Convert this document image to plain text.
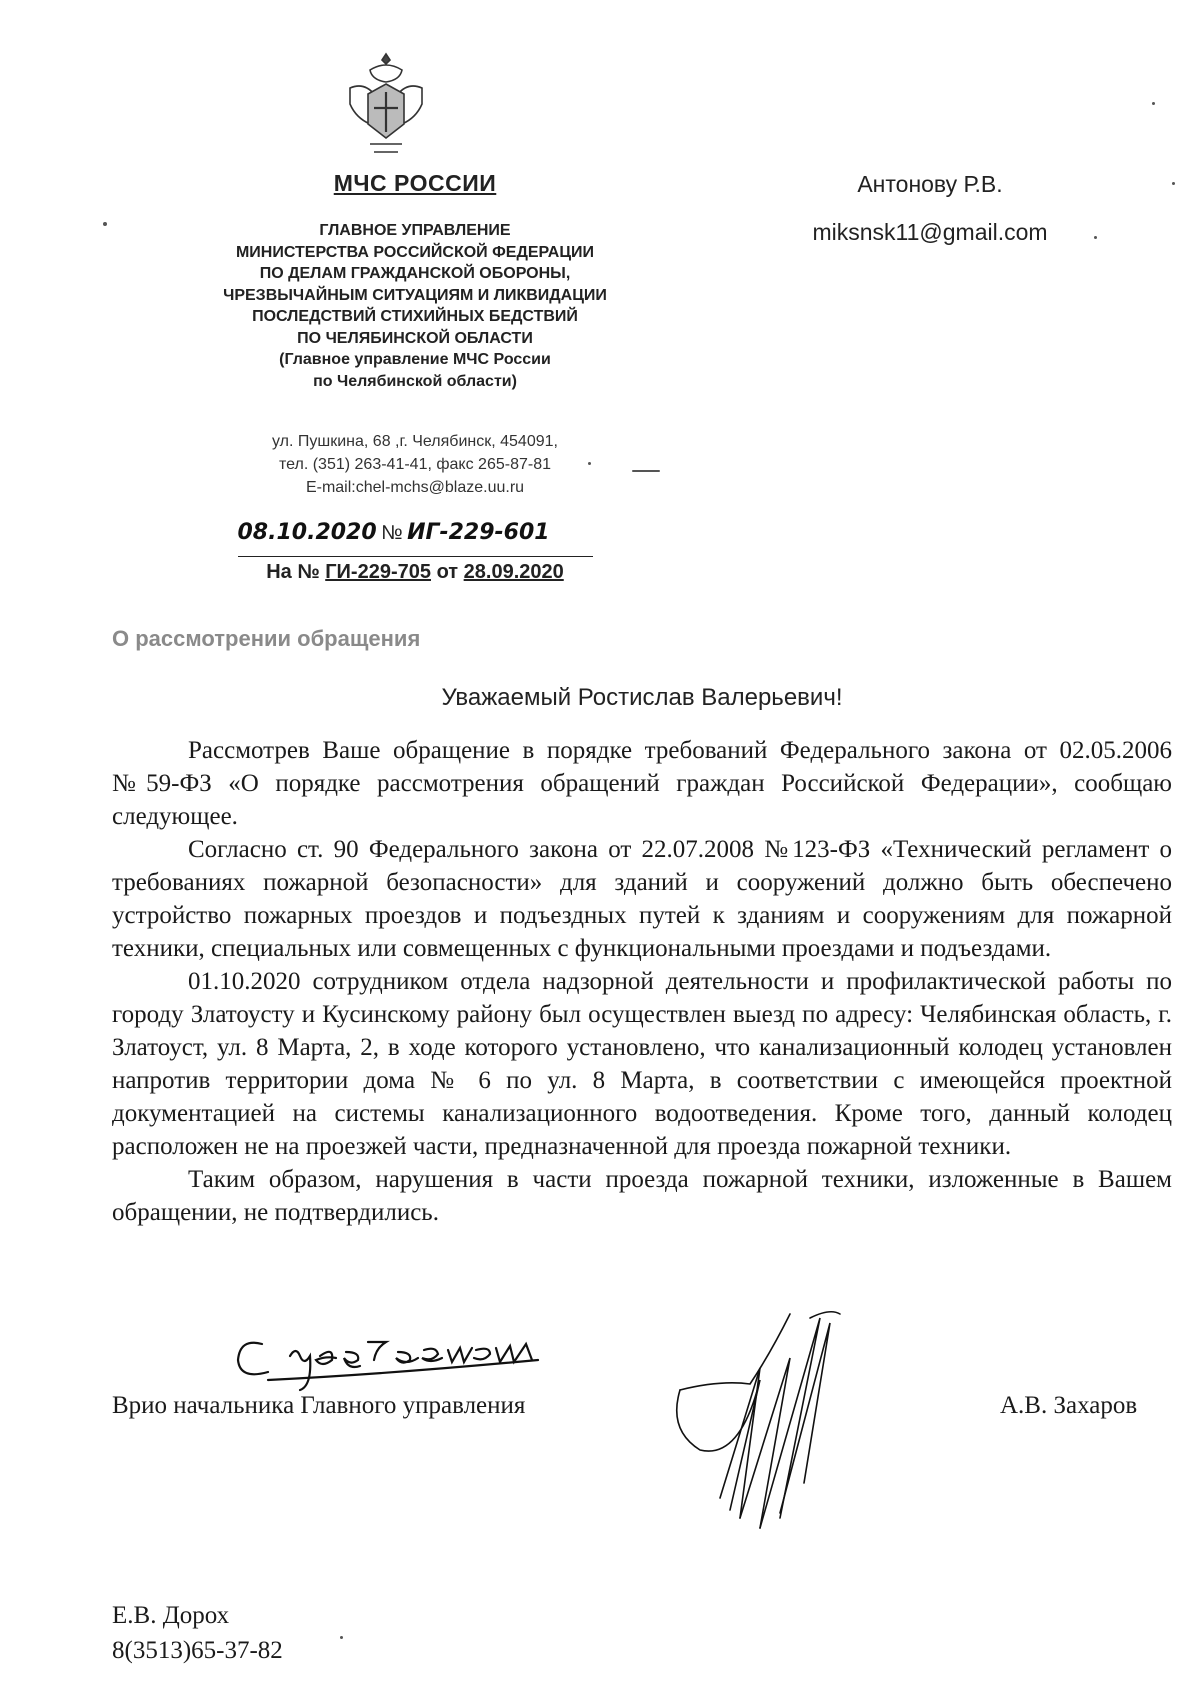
МЧС РОССИИ
ГЛАВНОЕ УПРАВЛЕНИЕ
МИНИСТЕРСТВА РОССИЙСКОЙ ФЕДЕРАЦИИ
ПО ДЕЛАМ ГРАЖДАНСКОЙ ОБОРОНЫ,
ЧРЕЗВЫЧАЙНЫМ СИТУАЦИЯМ И ЛИКВИДАЦИИ
ПОСЛЕДСТВИЙ СТИХИЙНЫХ БЕДСТВИЙ
ПО ЧЕЛЯБИНСКОЙ ОБЛАСТИ
(Главное управление МЧС России
по Челябинской области)
ул. Пушкина, 68 ,г. Челябинск, 454091,
тел. (351) 263-41-41, факс 265-87-81
E-mail:chel-mchs@blaze.uu.ru
08.10.2020 № ИГ-229-601
На № ГИ-229-705 от 28.09.2020
Антонову Р.В.
miksnsk11@gmail.com
О рассмотрении обращения
Уважаемый Ростислав Валерьевич!

Рассмотрев Ваше обращение в порядке требований Федерального закона от 02.05.2006 №59-ФЗ «О порядке рассмотрения обращений граждан Российской Федерации», сообщаю следующее.

Согласно ст. 90 Федерального закона от 22.07.2008 №123-ФЗ «Технический регламент о требованиях пожарной безопасности» для зданий и сооружений должно быть обеспечено устройство пожарных проездов и подъездных путей к зданиям и сооружениям для пожарной техники, специальных или совмещенных с функциональными проездами и подъездами.

01.10.2020 сотрудником отдела надзорной деятельности и профилактической работы по городу Златоусту и Кусинскому району был осуществлен выезд по адресу: Челябинская область, г. Златоуст, ул. 8 Марта, 2, в ходе которого установлено, что канализационный колодец установлен напротив территории дома № 6 по ул. 8 Марта, в соответствии с имеющейся проектной документацией на системы канализационного водоотведения. Кроме того, данный колодец расположен не на проезжей части, предназначенной для проезда пожарной техники.

Таким образом, нарушения в части проезда пожарной техники, изложенные в Вашем обращении, не подтвердились.

Врио начальника Главного управления	А.В. Захаров
Е.В. Дорох
8(3513)65-37-82
